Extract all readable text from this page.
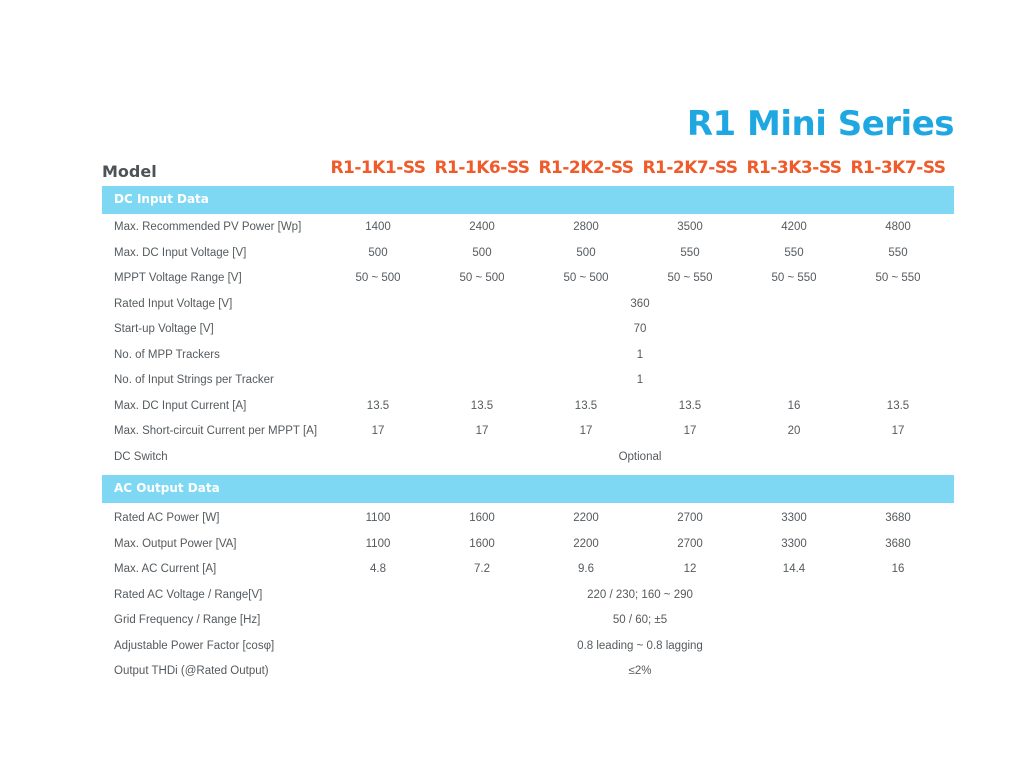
R1 Mini Series
Model	R1-1K1-SS R1-1K6-SS R1-2K2-SS R1-2K7-SS R1-3K3-SS R1-3K7-SS
DC Input Data
Max. Recommended PV Power [Wp]	1400	2400	2800	3500	4200	4800
Max. DC Input Voltage [V]	500	500	500	550	550	550
MPPT Voltage Range [V]	50 ~ 500	50 ~ 500	50 ~ 500	50 ~ 550	50 ~ 550	50 ~ 550
Rated Input Voltage [V]	360
Start-up Voltage [V]	70
No. of MPP Trackers	1
No. of Input Strings per Tracker	1
Max. DC Input Current [A]	13.5	13.5	13.5	13.5	16	13.5
Max. Short-circuit Current per MPPT [A]	17	17	17	17	20	17
DC Switch	Optional
AC Output Data
Rated AC Power [W]	1100	1600	2200	2700	3300	3680
Max. Output Power [VA]	1100	1600	2200	2700	3300	3680
Max. AC Current [A]	4.8	7.2	9.6	12	14.4	16
Rated AC Voltage / Range[V]	220 / 230; 160 ~ 290
Grid Frequency / Range [Hz]	50 / 60; ±5
Adjustable Power Factor [cosφ]	0.8 leading ~ 0.8 lagging
Output THDi (@Rated Output)	≤2%
